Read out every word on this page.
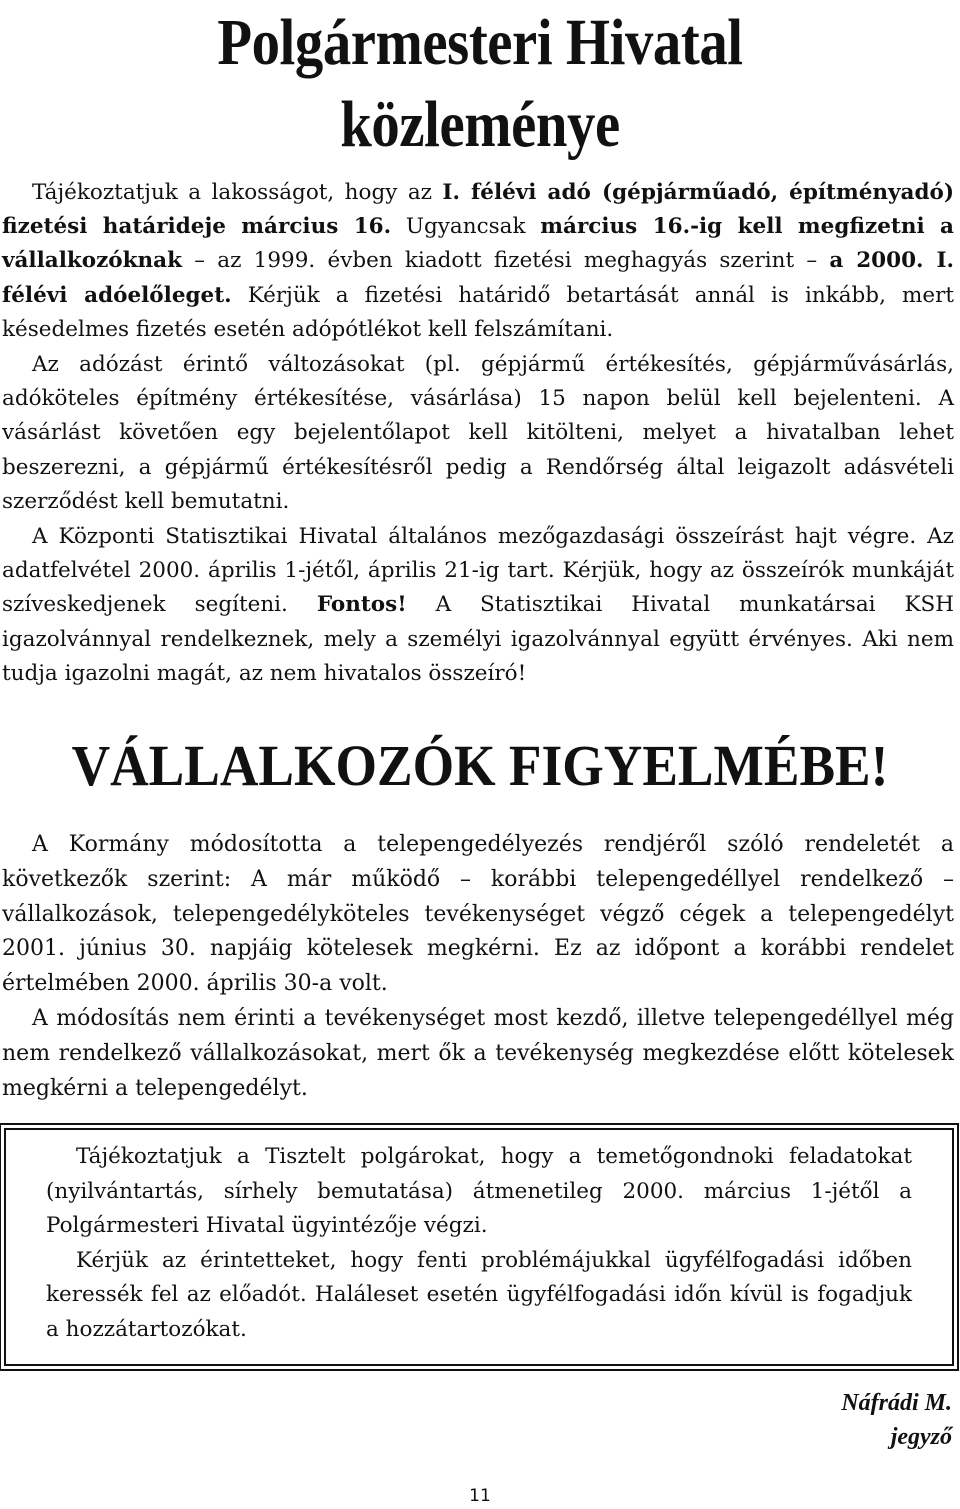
Polgármesteri Hivatal
közleménye

Tájékoztatjuk a lakosságot, hogy az I. félévi adó (gépjárműadó, építményadó) fizetési határideje március 16. Ugyancsak március 16.-ig kell megfizetni a vállalkozóknak – az 1999. évben kiadott fizetési meghagyás szerint – a 2000. I. félévi adóelőleget. Kérjük a fizetési határidő betartását annál is inkább, mert késedelmes fizetés esetén adópótlékot kell felszámítani.

Az adózást érintő változásokat (pl. gépjármű értékesítés, gépjárművásárlás, adóköteles építmény értékesítése, vásárlása) 15 napon belül kell bejelenteni. A vásárlást követően egy bejelentőlapot kell kitölteni, melyet a hivatalban lehet beszerezni, a gépjármű értékesítésről pedig a Rendőrség által leigazolt adásvételi szerződést kell bemutatni.

A Központi Statisztikai Hivatal általános mezőgazdasági összeírást hajt végre. Az adatfelvétel 2000. április 1-jétől, április 21-ig tart. Kérjük, hogy az összeírók munkáját szíveskedjenek segíteni. Fontos! A Statisztikai Hivatal munkatársai KSH igazolvánnyal rendelkeznek, mely a személyi igazolvánnyal együtt érvényes. Aki nem tudja igazolni magát, az nem hivatalos összeíró!

VÁLLALKOZÓK FIGYELMÉBE!

A Kormány módosította a telepengedélyezés rendjéről szóló rendeletét a következők szerint: A már működő – korábbi telepengedéllyel rendelkező – vállalkozások, telepengedélyköteles tevékenységet végző cégek a telepengedélyt 2001. június 30. napjáig kötelesek megkérni. Ez az időpont a korábbi rendelet értelmében 2000. április 30-a volt.

A módosítás nem érinti a tevékenységet most kezdő, illetve telepengedéllyel még nem rendelkező vállalkozásokat, mert ők a tevékenység megkezdése előtt kötelesek megkérni a telepengedélyt.

Tájékoztatjuk a Tisztelt polgárokat, hogy a temetőgondnoki feladatokat (nyilvántartás, sírhely bemutatása) átmenetileg 2000. március 1-jétől a Polgármesteri Hivatal ügyintézője végzi.

Kérjük az érintetteket, hogy fenti problémájukkal ügyfélfogadási időben keressék fel az előadót. Haláleset esetén ügyfélfogadási időn kívül is fogadjuk a hozzátartozókat.

Náfrádi M.
jegyző
11
